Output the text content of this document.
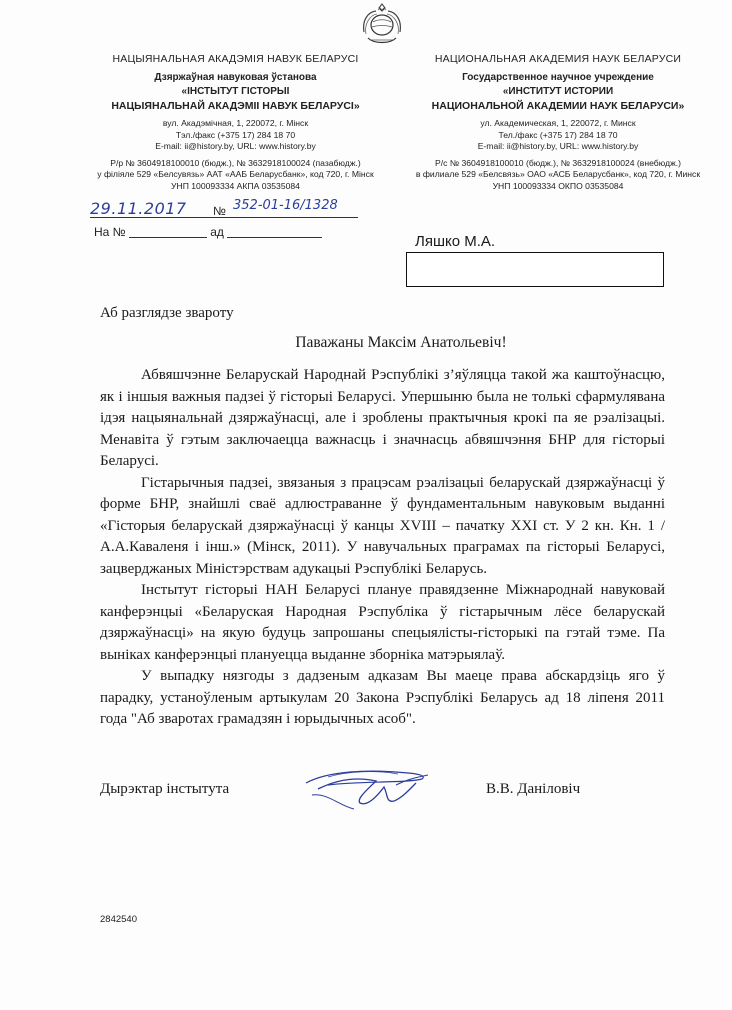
НАЦЫЯНАЛЬНАЯ АКАДЭМІЯ НАВУК БЕЛАРУСІ
Дзяржаўная навуковая ўстанова
«ІНСТЫТУТ ГІСТОРЫІ
НАЦЫЯНАЛЬНАЙ АКАДЭМІІ НАВУК БЕЛАРУСІ»
вул. Акадэмічная, 1, 220072, г. Мінск
Тэл./факс (+375 17) 284 18 70
E-mail: ii@history.by, URL: www.history.by
Р/р № 3604918100010 (бюдж.), № 3632918100024 (пазабюдж.)
у філіяле 529 «Белсувязь» ААТ «ААБ Беларусбанк», код 720, г. Мінск
УНП 100093334 АКПА 03535084
НАЦИОНАЛЬНАЯ АКАДЕМИЯ НАУК БЕЛАРУСИ
Государственное научное учреждение
«ИНСТИТУТ ИСТОРИИ
НАЦИОНАЛЬНОЙ АКАДЕМИИ НАУК БЕЛАРУСИ»
ул. Академическая, 1, 220072, г. Минск
Тел./факс (+375 17) 284 18 70
E-mail: ii@history.by, URL: www.history.by
Р/с № 3604918100010 (бюдж.), № 3632918100024 (внебюдж.)
в филиале 529 «Белсвязь» ОАО «АСБ Беларусбанк», код 720, г. Минск
УНП 100093334 ОКПО 03535084
29.11.2017 № 352-01-16/1328
На №	ад
Ляшко М.А.
Аб разглядзе звароту
Паважаны Максім Анатольевіч!

Абвяшчэнне Беларускай Народнай Рэспублікі з’яўляцца такой жа каштоўнасцю, як і іншыя важныя падзеі ў гісторыі Беларусі. Упершыню была не толькі сфармулявана ідэя нацыянальнай дзяржаўнасці, але і зроблены практычныя крокі па яе рэалізацыі. Менавіта ў гэтым заключаецца важнасць і значнасць абвяшчэння БНР для гісторыі Беларусі.

Гістарычныя падзеі, звязаныя з працэсам рэалізацыі беларускай дзяржаўнасці ў форме БНР, знайшлі сваё адлюстраванне ў фундаментальным навуковым выданні «Гісторыя беларускай дзяржаўнасці ў канцы XVIII – пачатку XXI ст. У 2 кн. Кн. 1 / А.А.Каваленя і інш.» (Мінск, 2011). У навучальных праграмах па гісторыі Беларусі, зацверджаных Міністэрствам адукацыі Рэспублікі Беларусь.

Інстытут гісторыі НАН Беларусі плануе правядзенне Міжнароднай навуковай канферэнцыі «Беларуская Народная Рэспубліка ў гістарычным лёсе беларускай дзяржаўнасці» на якую будуць запрошаны спецыялісты-гісторыкі па гэтай тэме. Па выніках канферэнцыі плануецца выданне зборніка матэрыялаў.

У выпадку нязгоды з дадзеным адказам Вы маеце права абскардзіць яго ў парадку, устаноўленым артыкулам 20 Закона Рэспублікі Беларусь ад 18 ліпеня 2011 года "Аб зваротах грамадзян і юрыдычных асоб".

Дырэктар інстытута	В.В. Даніловіч
2842540
